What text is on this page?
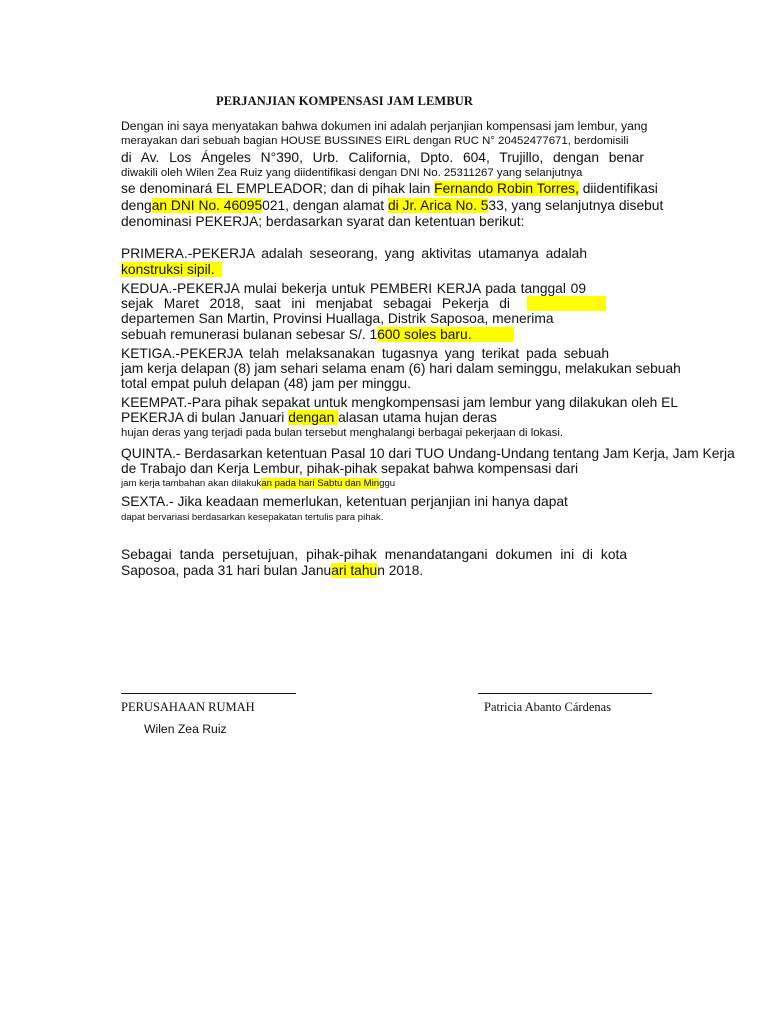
PERJANJIAN KOMPENSASI JAM LEMBUR
Dengan ini saya menyatakan bahwa dokumen ini adalah perjanjian kompensasi jam lembur, yang
merayakan dari sebuah bagian HOUSE BUSSINES EIRL dengan RUC N° 20452477671, berdomisili
di Av. Los Ángeles N°390, Urb. California, Dpto. 604, Trujillo, dengan benar
diwakili oleh Wilen Zea Ruiz yang diidentifikasi dengan DNI No. 25311267 yang selanjutnya
se denominará EL EMPLEADOR; dan di pihak lain Fernando Robin Torres, diidentifikasi
dengan DNI No. 46095021, dengan alamat di Jr. Arica No. 533, yang selanjutnya disebut
denominasi PEKERJA; berdasarkan syarat dan ketentuan berikut:
PRIMERA.-PEKERJA adalah seseorang, yang aktivitas utamanya adalah
konstruksi sipil.
KEDUA.-PEKERJA mulai bekerja untuk PEMBERI KERJA pada tanggal 09
sejak Maret 2018, saat ini menjabat sebagai Pekerja di
departemen San Martin, Provinsi Huallaga, Distrik Saposoa, menerima
sebuah remunerasi bulanan sebesar S/. 1600 soles baru.
KETIGA.-PEKERJA telah melaksanakan tugasnya yang terikat pada sebuah
jam kerja delapan (8) jam sehari selama enam (6) hari dalam seminggu, melakukan sebuah
total empat puluh delapan (48) jam per minggu.
KEEMPAT.-Para pihak sepakat untuk mengkompensasi jam lembur yang dilakukan oleh EL
PEKERJA di bulan Januari dengan alasan utama hujan deras
hujan deras yang terjadi pada bulan tersebut menghalangi berbagai pekerjaan di lokasi.
QUINTA.- Berdasarkan ketentuan Pasal 10 dari TUO Undang-Undang tentang Jam Kerja, Jam Kerja
de Trabajo dan Kerja Lembur, pihak-pihak sepakat bahwa kompensasi dari
jam kerja tambahan akan dilakukan pada hari Sabtu dan Minggu
SEXTA.- Jika keadaan memerlukan, ketentuan perjanjian ini hanya dapat
dapat bervariasi berdasarkan kesepakatan tertulis para pihak.
Sebagai tanda persetujuan, pihak-pihak menandatangani dokumen ini di kota
Saposoa, pada 31 hari bulan Januari tahun 2018.
PERUSAHAAN RUMAH	Patricia Abanto Cárdenas
Wilen Zea Ruiz
